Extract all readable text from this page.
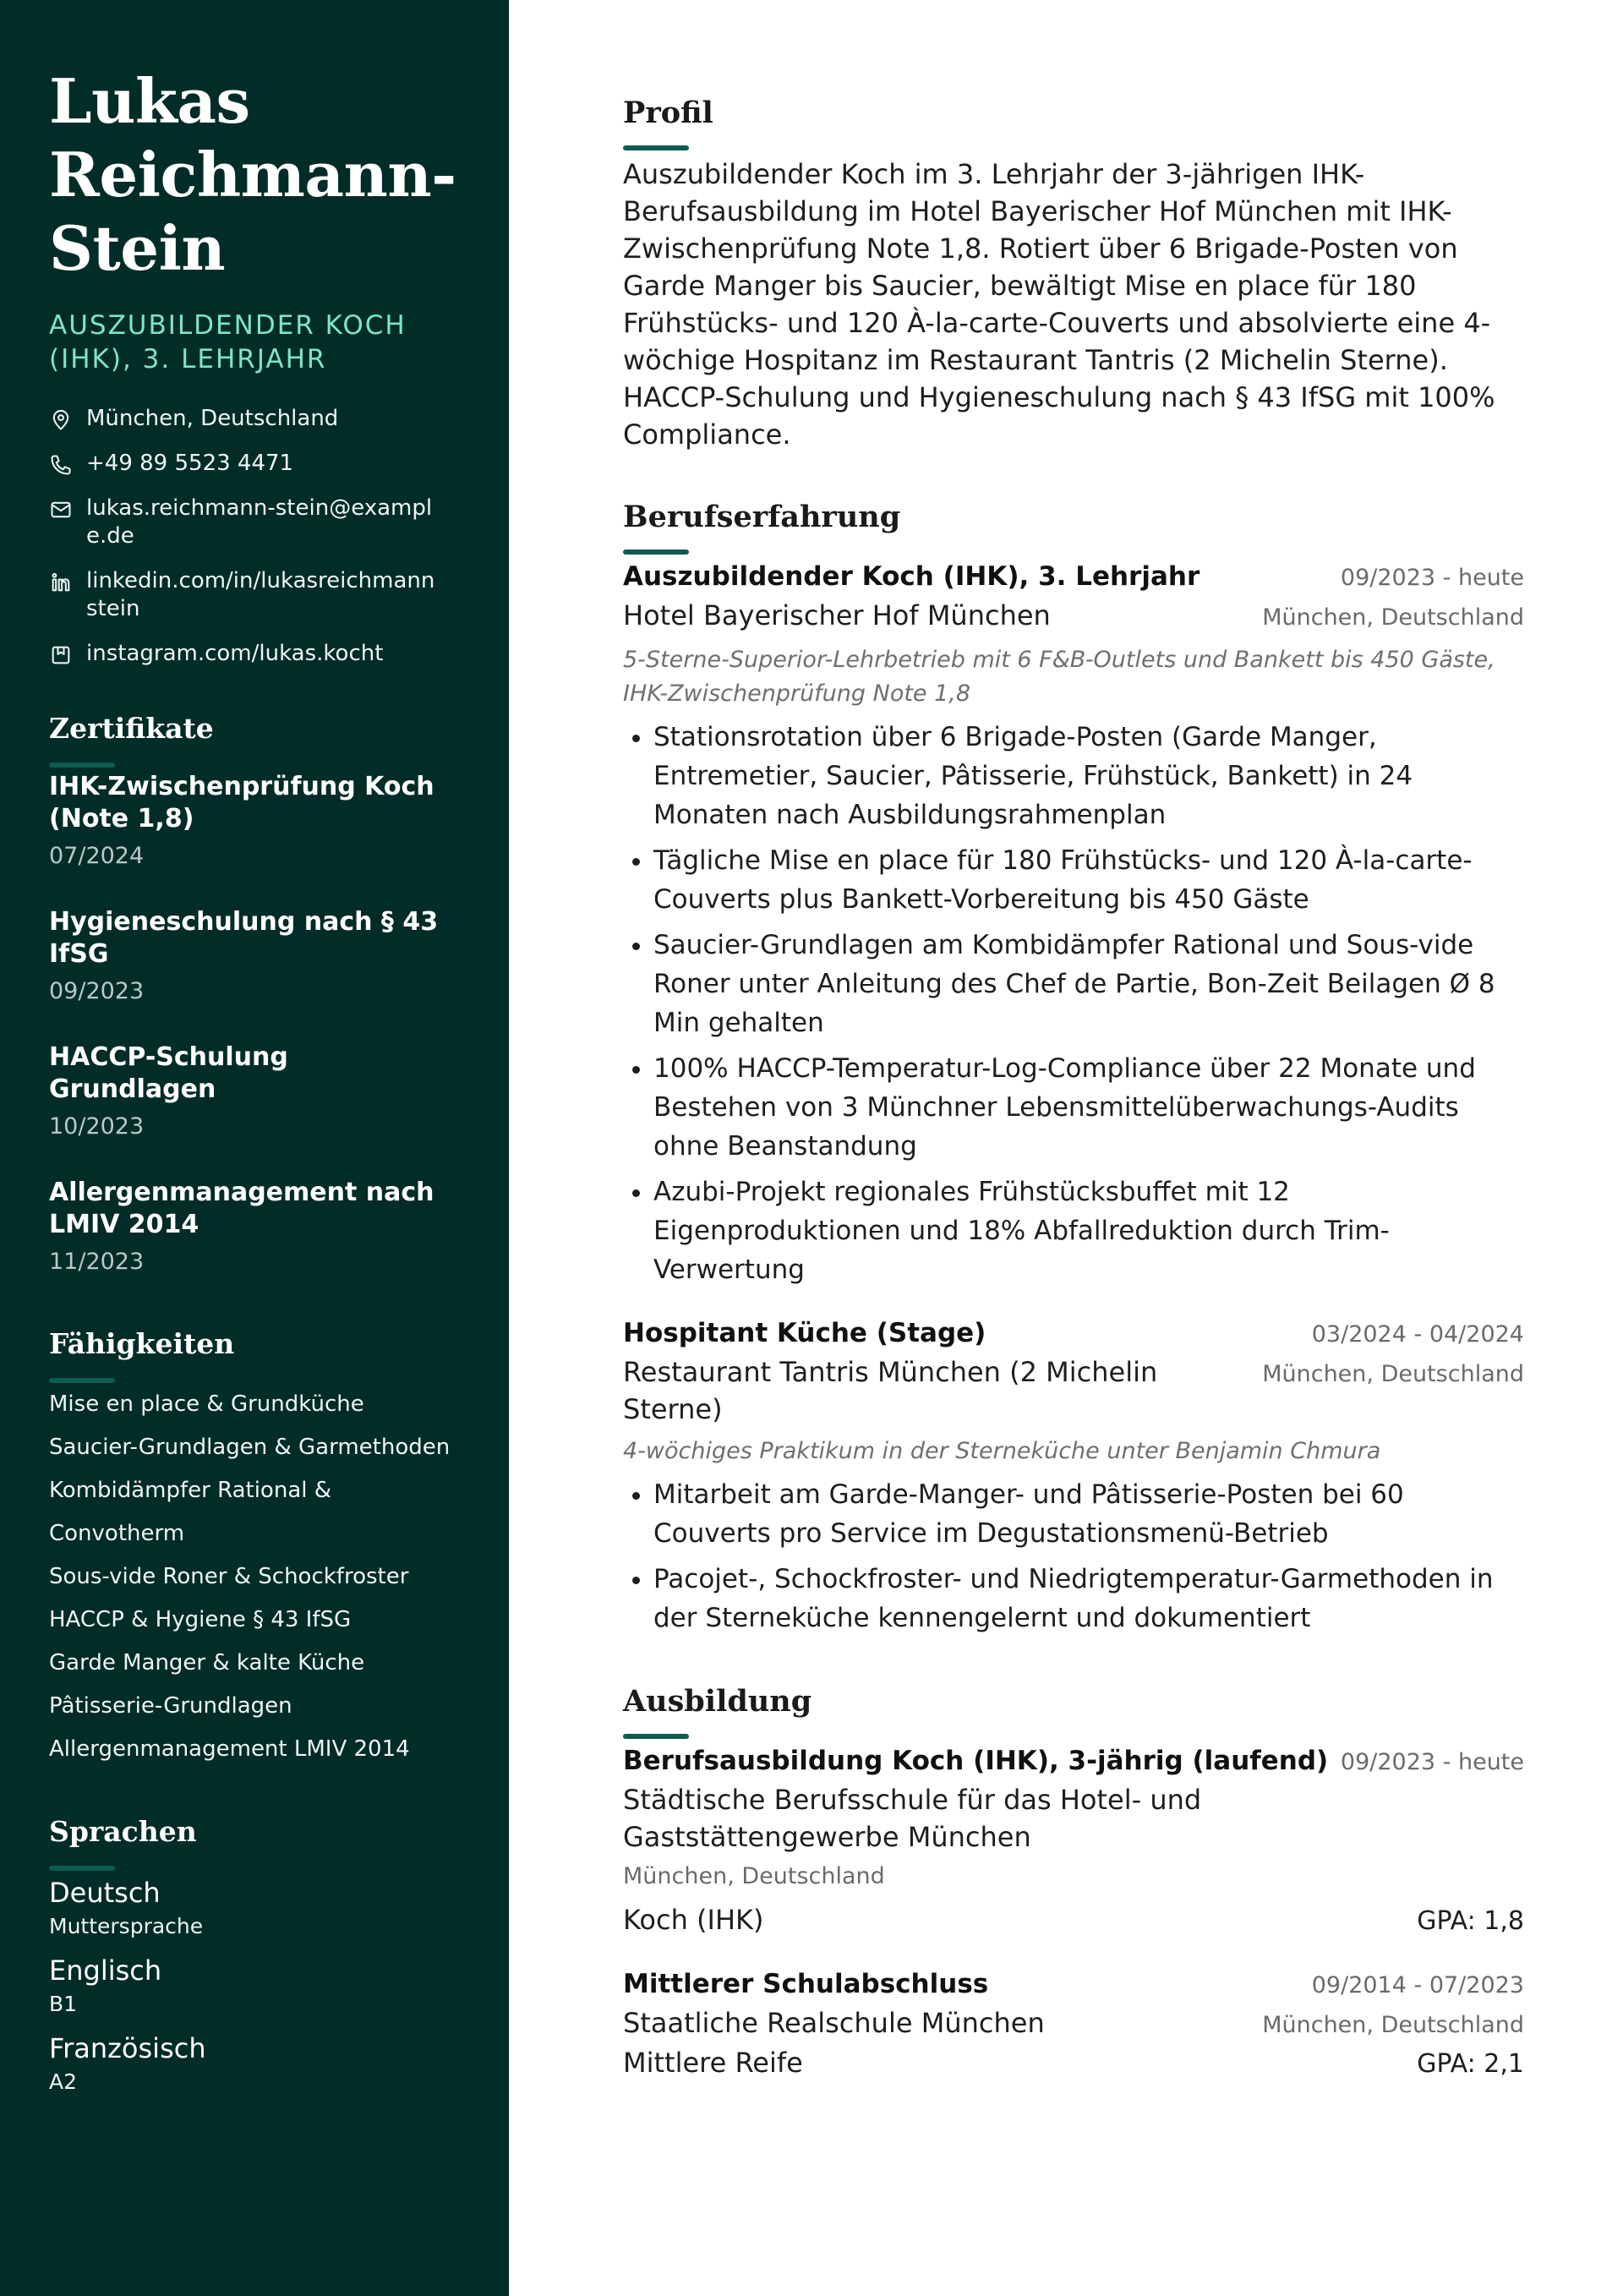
Lukas Reichmann-Stein
AUSZUBILDENDER KOCH (IHK), 3. LEHRJAHR
München, Deutschland
+49 89 5523 4471
lukas.reichmann-stein@example.de
linkedin.com/in/lukasreichmannstein
instagram.com/lukas.kocht
Zertifikate
IHK-Zwischenprüfung Koch (Note 1,8)
07/2024
Hygieneschulung nach § 43 IfSG
09/2023
HACCP-Schulung Grundlagen
10/2023
Allergenmanagement nach LMIV 2014
11/2023
Fähigkeiten
Mise en place & Grundküche
Saucier-Grundlagen & Garmethoden
Kombidämpfer Rational & Convotherm
Sous-vide Roner & Schockfroster
HACCP & Hygiene § 43 IfSG
Garde Manger & kalte Küche
Pâtisserie-Grundlagen
Allergenmanagement LMIV 2014
Sprachen
Deutsch
Muttersprache
Englisch
B1
Französisch
A2
Profil

Auszubildender Koch im 3. Lehrjahr der 3-jährigen IHK-Berufsausbildung im Hotel Bayerischer Hof München mit IHK-Zwischenprüfung Note 1,8. Rotiert über 6 Brigade-Posten von Garde Manger bis Saucier, bewältigt Mise en place für 180 Frühstücks- und 120 À-la-carte-Couverts und absolvierte eine 4-wöchige Hospitanz im Restaurant Tantris (2 Michelin Sterne). HACCP-Schulung und Hygieneschulung nach § 43 IfSG mit 100% Compliance.

Berufserfahrung
Auszubildender Koch (IHK), 3. Lehrjahr	09/2023 - heute
Hotel Bayerischer Hof München	München, Deutschland
5-Sterne-Superior-Lehrbetrieb mit 6 F&B-Outlets und Bankett bis 450 Gäste, IHK-Zwischenprüfung Note 1,8
• Stationsrotation über 6 Brigade-Posten (Garde Manger, Entremetier, Saucier, Pâtisserie, Frühstück, Bankett) in 24 Monaten nach Ausbildungsrahmenplan
• Tägliche Mise en place für 180 Frühstücks- und 120 À-la-carte-Couverts plus Bankett-Vorbereitung bis 450 Gäste
• Saucier-Grundlagen am Kombidämpfer Rational und Sous-vide Roner unter Anleitung des Chef de Partie, Bon-Zeit Beilagen Ø 8 Min gehalten
• 100% HACCP-Temperatur-Log-Compliance über 22 Monate und Bestehen von 3 Münchner Lebensmittelüberwachungs-Audits ohne Beanstandung
• Azubi-Projekt regionales Frühstücksbuffet mit 12 Eigenproduktionen und 18% Abfallreduktion durch Trim-Verwertung
Hospitant Küche (Stage)	03/2024 - 04/2024
Restaurant Tantris München (2 Michelin Sterne)
München, Deutschland
4-wöchiges Praktikum in der Sterneküche unter Benjamin Chmura
• Mitarbeit am Garde-Manger- und Pâtisserie-Posten bei 60 Couverts pro Service im Degustationsmenü-Betrieb
• Pacojet-, Schockfroster- und Niedrigtemperatur-Garmethoden in der Sterneküche kennengelernt und dokumentiert
Ausbildung
Berufsausbildung Koch (IHK), 3-jährig (laufend) 09/2023 - heute
Städtische Berufsschule für das Hotel- und Gaststättengewerbe München
München, Deutschland
Koch (IHK)	GPA: 1,8
Mittlerer Schulabschluss	09/2014 - 07/2023
Staatliche Realschule München	München, Deutschland
Mittlere Reife	GPA: 2,1
